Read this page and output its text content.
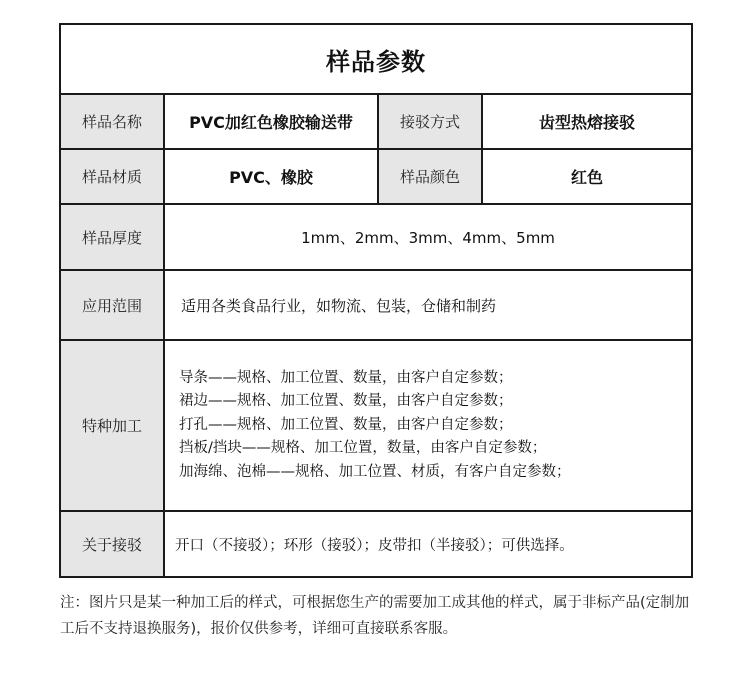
样品参数			
样品名称	PVC加红色橡胶输送带	接驳方式	齿型热熔接驳
样品材质	PVC、橡胶	样品颜色	红色
样品厚度	1mm、2mm、3mm、4mm、5mm		
应用范围	适用各类食品行业，如物流、包装，仓储和制药		
特种加工	导条——规格、加工位置、数量，由客户自定参数；
裙边——规格、加工位置、数量，由客户自定参数；
打孔——规格、加工位置、数量，由客户自定参数；
挡板/挡块——规格、加工位置，数量，由客户自定参数；
加海绵、泡棉——规格、加工位置、材质，有客户自定参数；		

关于接驳	开口（不接驳）；环形（接驳）；皮带扣（半接驳）；可供选择。		
注：图片只是某一种加工后的样式，可根据您生产的需要加工成其他的样式，属于非标产品(定制加工后不支持退换服务)，报价仅供参考，详细可直接联系客服。
